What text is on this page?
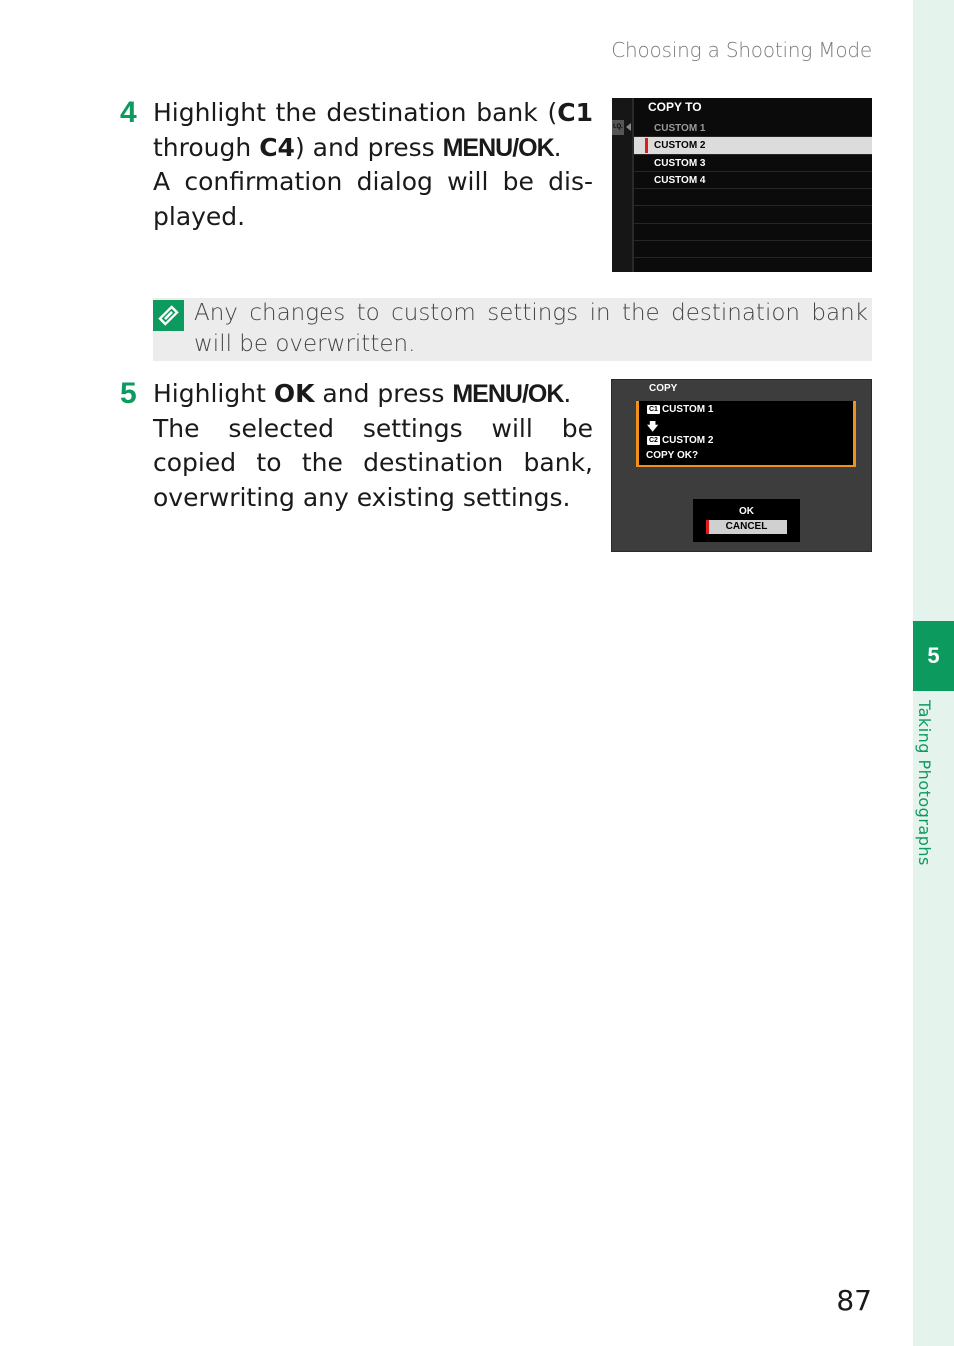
Choosing a Shooting Mode
5
Taking Photographs
4 Highlight the destination bank (C1 through C4) and press MENU/OK.
A confirmation dialog will be dis-played.
I.Q.
COPY TO
CUSTOM 1
CUSTOM 2
CUSTOM 3
CUSTOM 4
Any changes to custom settings in the destination bank will be overwritten.
5 Highlight OK and press MENU/OK.
The selected settings will be copied to the destination bank, overwriting any existing settings.
COPY
C1 CUSTOM 1
🡇
C2 CUSTOM 2
COPY OK?
OK
CANCEL
87
